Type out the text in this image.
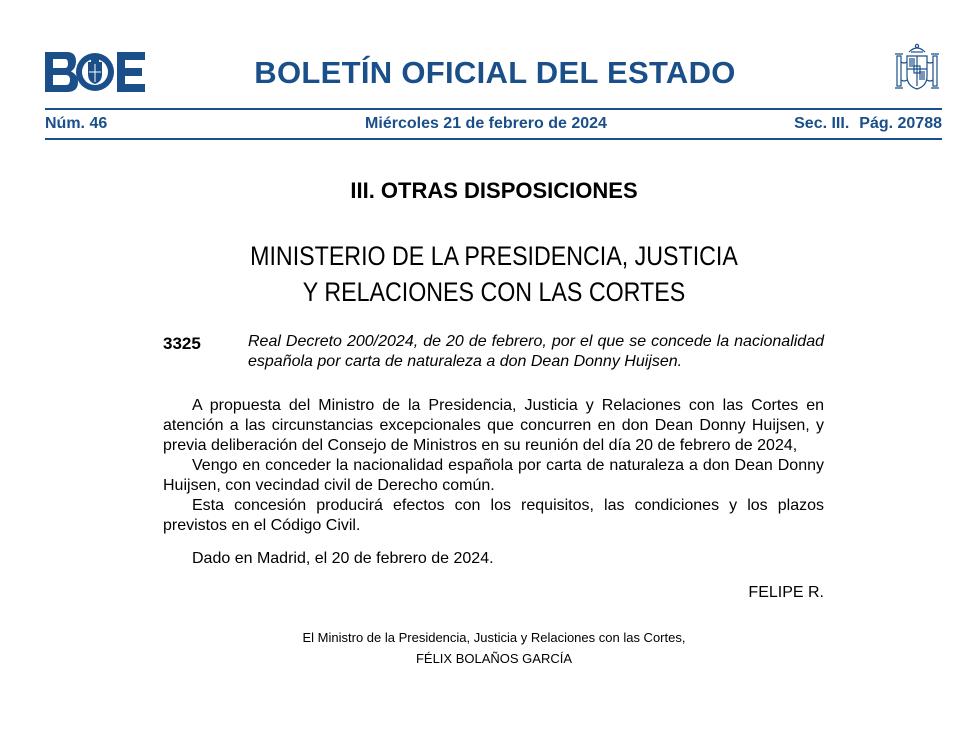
BOLETÍN OFICIAL DEL ESTADO
Núm. 46	Miércoles 21 de febrero de 2024	Sec. III. Pág. 20788
III. OTRAS DISPOSICIONES
MINISTERIO DE LA PRESIDENCIA, JUSTICIA
Y RELACIONES CON LAS CORTES
3325	Real Decreto 200/2024, de 20 de febrero, por el que se concede la nacionalidad española por carta de naturaleza a don Dean Donny Huijsen.

A propuesta del Ministro de la Presidencia, Justicia y Relaciones con las Cortes en atención a las circunstancias excepcionales que concurren en don Dean Donny Huijsen, y previa deliberación del Consejo de Ministros en su reunión del día 20 de febrero de 2024,

Vengo en conceder la nacionalidad española por carta de naturaleza a don Dean Donny Huijsen, con vecindad civil de Derecho común.

Esta concesión producirá efectos con los requisitos, las condiciones y los plazos previstos en el Código Civil.

Dado en Madrid, el 20 de febrero de 2024.
FELIPE R.
El Ministro de la Presidencia, Justicia y Relaciones con las Cortes,
FÉLIX BOLAÑOS GARCÍA
